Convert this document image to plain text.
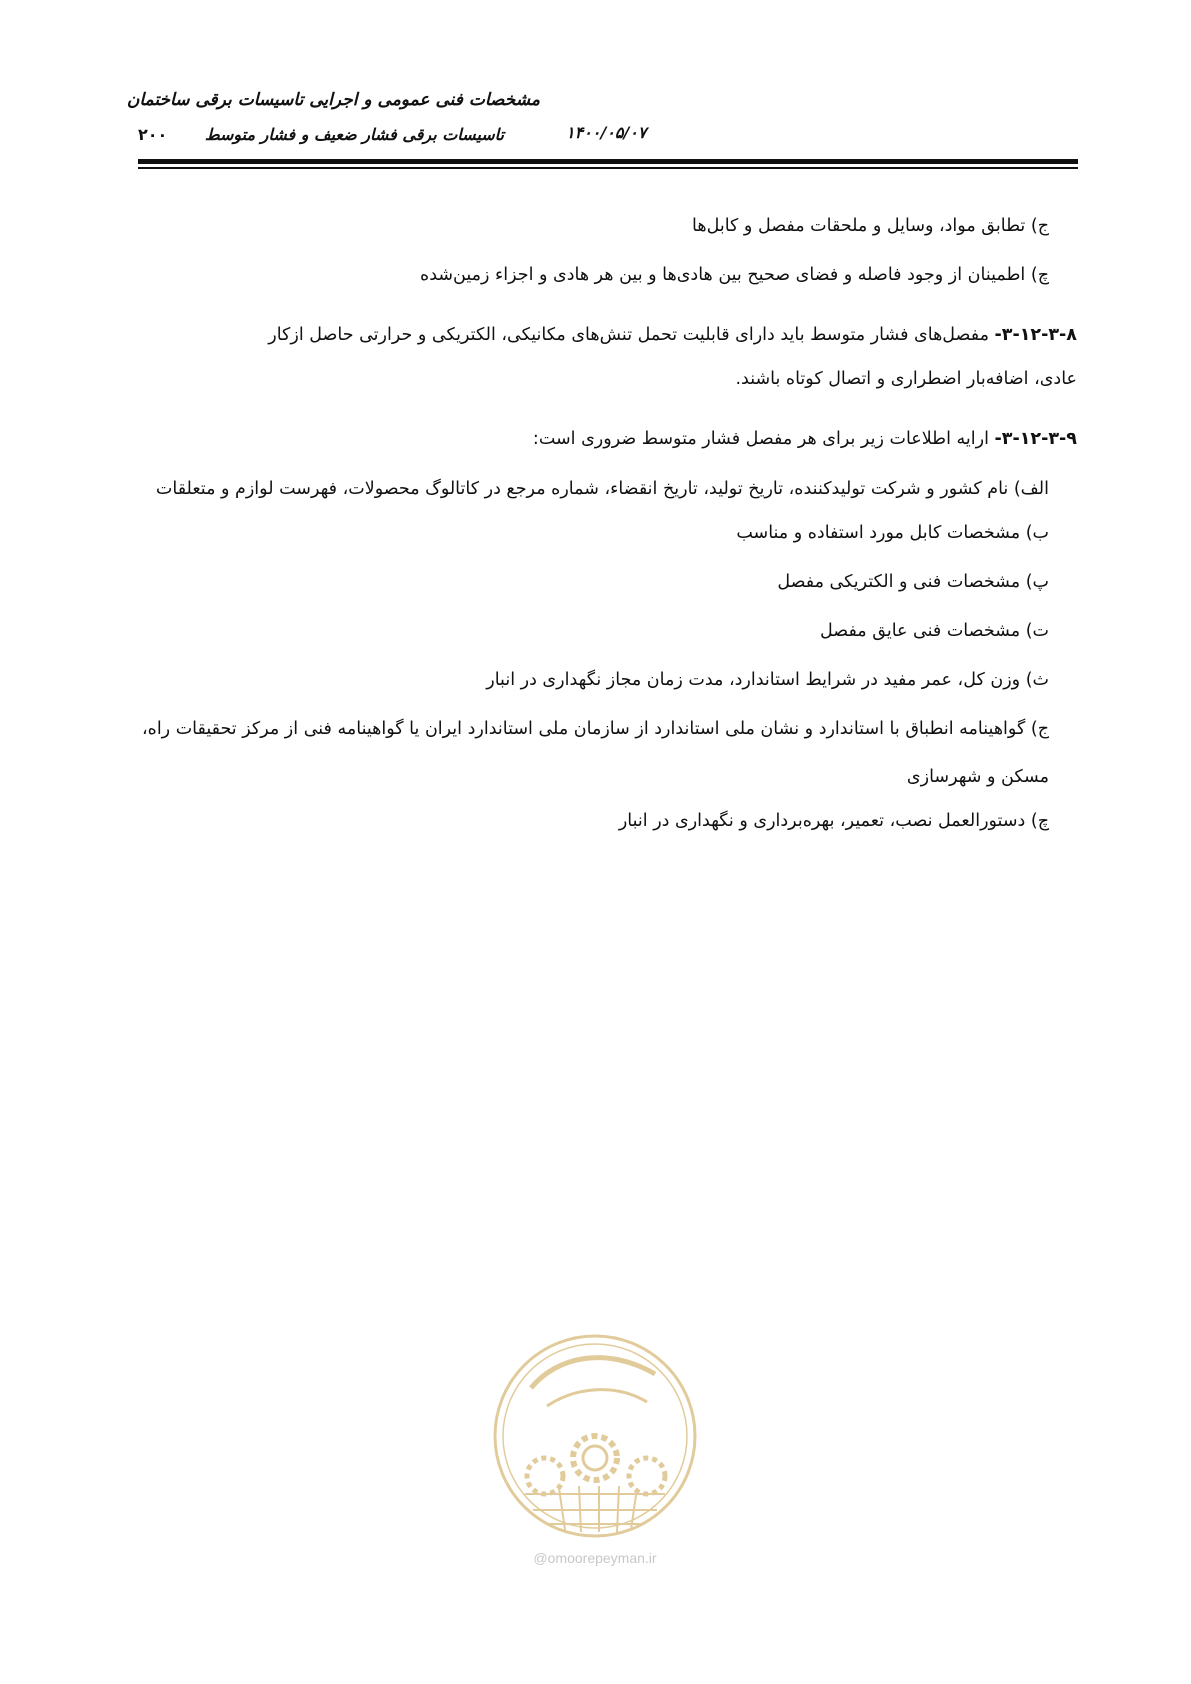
مشخصات فنی عمومی و اجرایی تاسیسات برقی ساختمان
تاسیسات برقی فشار ضعیف و فشار متوسط	۱۴۰۰/۰۵/۰۷
۲۰۰

ج) تطابق مواد، وسایل و ملحقات مفصل و کابل‌ها

چ) اطمینان از وجود فاصله و فضای صحیح بین هادی‌ها و بین هر هادی و اجزاء زمین‌شده

۳-۱۲-۳-۸- مفصل‌های فشار متوسط باید دارای قابلیت تحمل تنش‌های مکانیکی، الکتریکی و حرارتی حاصل ازکار

عادی، اضافه‌بار اضطراری و اتصال کوتاه باشند.

۳-۱۲-۳-۹- ارایه اطلاعات زیر برای هر مفصل فشار متوسط ضروری است:

الف) نام کشور و شرکت تولیدکننده، تاریخ تولید، تاریخ انقضاء، شماره مرجع در کاتالوگ محصولات، فهرست لوازم و متعلقات

ب) مشخصات کابل مورد استفاده و مناسب

پ) مشخصات فنی و الکتریکی مفصل

ت) مشخصات فنی عایق مفصل

ث) وزن کل، عمر مفید در شرایط استاندارد، مدت زمان مجاز نگهداری در انبار

ج) گواهینامه انطباق با استاندارد و نشان ملی استاندارد از سازمان ملی استاندارد ایران یا گواهینامه فنی از مرکز تحقیقات راه، مسکن و شهرسازی

چ) دستورالعمل نصب، تعمیر، بهره‌برداری و نگهداری در انبار

@omoorepeyman.ir
